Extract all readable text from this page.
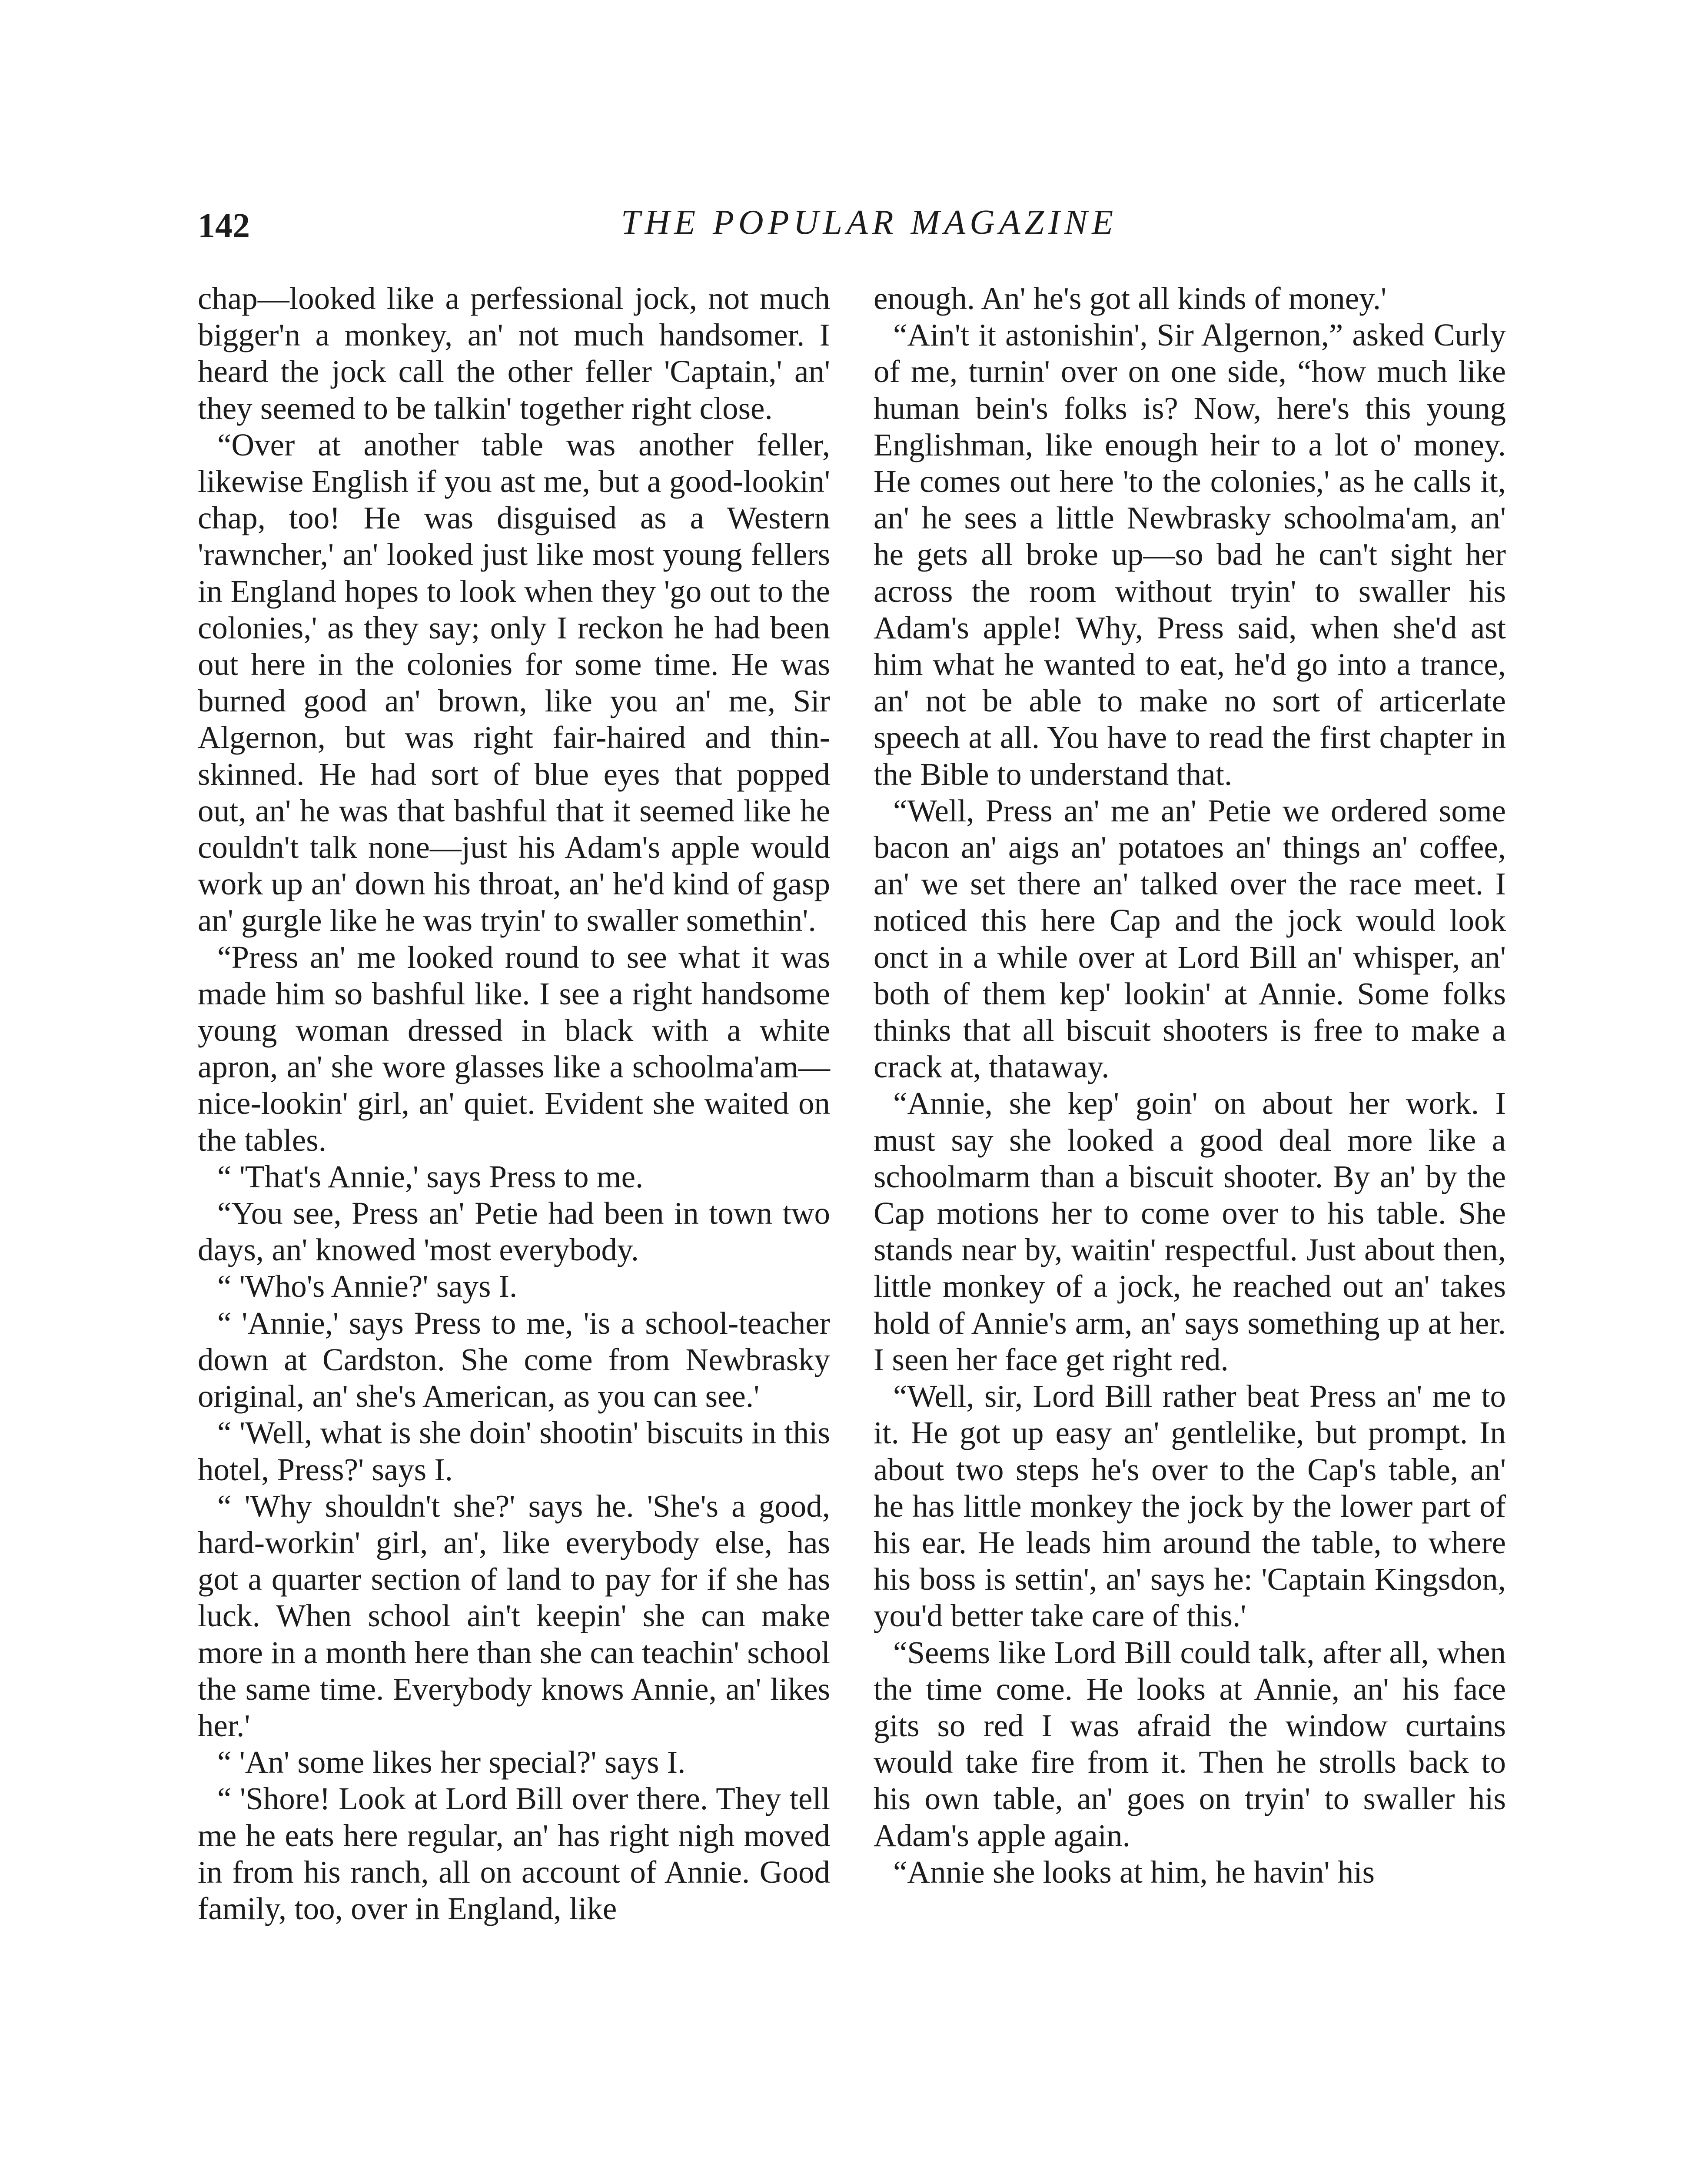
142	THE POPULAR MAGAZINE

chap—looked like a perfessional jock, not much bigger'n a monkey, an' not much handsomer. I heard the jock call the other feller 'Captain,' an' they seemed to be talkin' together right close.

“Over at another table was another feller, likewise English if you ast me, but a good-lookin' chap, too! He was disguised as a Western 'rawncher,' an' looked just like most young fellers in England hopes to look when they 'go out to the colonies,' as they say; only I reckon he had been out here in the colonies for some time. He was burned good an' brown, like you an' me, Sir Algernon, but was right fair-haired and thin-skinned. He had sort of blue eyes that popped out, an' he was that bashful that it seemed like he couldn't talk none—just his Adam's apple would work up an' down his throat, an' he'd kind of gasp an' gurgle like he was tryin' to swaller somethin'.

“Press an' me looked round to see what it was made him so bashful like. I see a right handsome young woman dressed in black with a white apron, an' she wore glasses like a schoolma'am—nice-lookin' girl, an' quiet. Evident she waited on the tables.

“ 'That's Annie,' says Press to me.

“You see, Press an' Petie had been in town two days, an' knowed 'most everybody.

“ 'Who's Annie?' says I.

“ 'Annie,' says Press to me, 'is a school-teacher down at Cardston. She come from Newbrasky original, an' she's American, as you can see.'

“ 'Well, what is she doin' shootin' biscuits in this hotel, Press?' says I.

“ 'Why shouldn't she?' says he. 'She's a good, hard-workin' girl, an', like everybody else, has got a quarter section of land to pay for if she has luck. When school ain't keepin' she can make more in a month here than she can teachin' school the same time. Everybody knows Annie, an' likes her.'

“ 'An' some likes her special?' says I.

“ 'Shore! Look at Lord Bill over there. They tell me he eats here regular, an' has right nigh moved in from his ranch, all on account of Annie. Good family, too, over in England, like

enough. An' he's got all kinds of money.'

“Ain't it astonishin', Sir Algernon,” asked Curly of me, turnin' over on one side, “how much like human bein's folks is? Now, here's this young Englishman, like enough heir to a lot o' money. He comes out here 'to the colonies,' as he calls it, an' he sees a little Newbrasky schoolma'am, an' he gets all broke up—so bad he can't sight her across the room without tryin' to swaller his Adam's apple! Why, Press said, when she'd ast him what he wanted to eat, he'd go into a trance, an' not be able to make no sort of articerlate speech at all. You have to read the first chapter in the Bible to understand that.

“Well, Press an' me an' Petie we ordered some bacon an' aigs an' potatoes an' things an' coffee, an' we set there an' talked over the race meet. I noticed this here Cap and the jock would look onct in a while over at Lord Bill an' whisper, an' both of them kep' lookin' at Annie. Some folks thinks that all biscuit shooters is free to make a crack at, thataway.

“Annie, she kep' goin' on about her work. I must say she looked a good deal more like a schoolmarm than a biscuit shooter. By an' by the Cap motions her to come over to his table. She stands near by, waitin' respectful. Just about then, little monkey of a jock, he reached out an' takes hold of Annie's arm, an' says something up at her. I seen her face get right red.

“Well, sir, Lord Bill rather beat Press an' me to it. He got up easy an' gentlelike, but prompt. In about two steps he's over to the Cap's table, an' he has little monkey the jock by the lower part of his ear. He leads him around the table, to where his boss is settin', an' says he: 'Captain Kingsdon, you'd better take care of this.'

“Seems like Lord Bill could talk, after all, when the time come. He looks at Annie, an' his face gits so red I was afraid the window curtains would take fire from it. Then he strolls back to his own table, an' goes on tryin' to swaller his Adam's apple again.

“Annie she looks at him, he havin' his
